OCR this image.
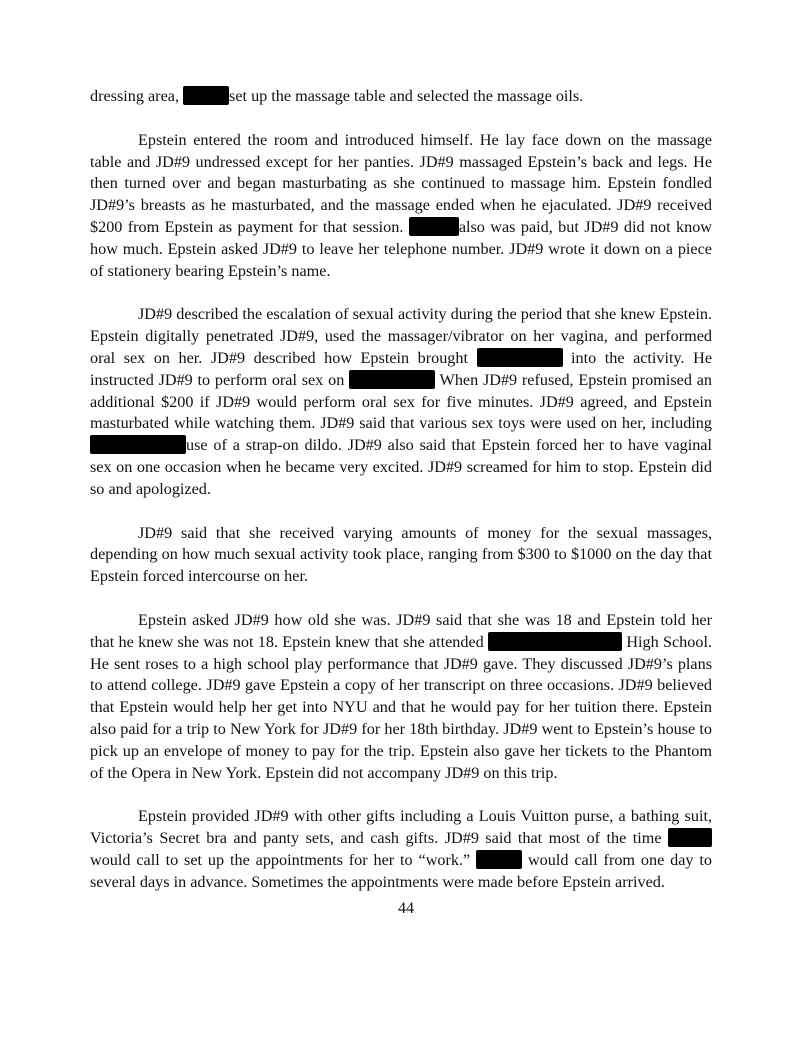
dressing area,	set up the massage table and selected the massage oils.

Epstein entered the room and introduced himself. He lay face down on the massage table and JD#9 undressed except for her panties. JD#9 massaged Epstein’s back and legs. He then turned over and began masturbating as she continued to massage him. Epstein fondled JD#9’s breasts as he masturbated, and the massage ended when he ejaculated. JD#9 received $200 from Epstein as payment for that session.	also was paid, but JD#9 did not know how much. Epstein asked JD#9 to leave her telephone number. JD#9 wrote it down on a piece of stationery bearing Epstein’s name.

JD#9 described the escalation of sexual activity during the period that she knew Epstein. Epstein digitally penetrated JD#9, used the massager/vibrator on her vagina, and performed oral sex on her. JD#9 described how Epstein brought	into the activity. He instructed JD#9 to perform oral sex on	When JD#9 refused, Epstein promised an additional $200 if JD#9 would perform oral sex for five minutes. JD#9 agreed, and Epstein masturbated while watching them. JD#9 said that various sex toys were used on her, including use of a strap-on dildo. JD#9 also said that Epstein forced her to have vaginal sex on one occasion when he became very excited. JD#9 screamed for him to stop. Epstein did so and apologized.

JD#9 said that she received varying amounts of money for the sexual massages, depending on how much sexual activity took place, ranging from $300 to $1000 on the day that Epstein forced intercourse on her.

Epstein asked JD#9 how old she was. JD#9 said that she was 18 and Epstein told her that he knew she was not 18. Epstein knew that she attended	High School. He sent roses to a high school play performance that JD#9 gave. They discussed JD#9’s plans to attend college. JD#9 gave Epstein a copy of her transcript on three occasions. JD#9 believed that Epstein would help her get into NYU and that he would pay for her tuition there. Epstein also paid for a trip to New York for JD#9 for her 18th birthday. JD#9 went to Epstein’s house to pick up an envelope of money to pay for the trip. Epstein also gave her tickets to the Phantom of the Opera in New York. Epstein did not accompany JD#9 on this trip.

Epstein provided JD#9 with other gifts including a Louis Vuitton purse, a bathing suit, Victoria’s Secret bra and panty sets, and cash gifts. JD#9 said that most of the time  would call to set up the appointments for her to “work.”	would call from one day to several days in advance. Sometimes the appointments were made before Epstein arrived.

44
